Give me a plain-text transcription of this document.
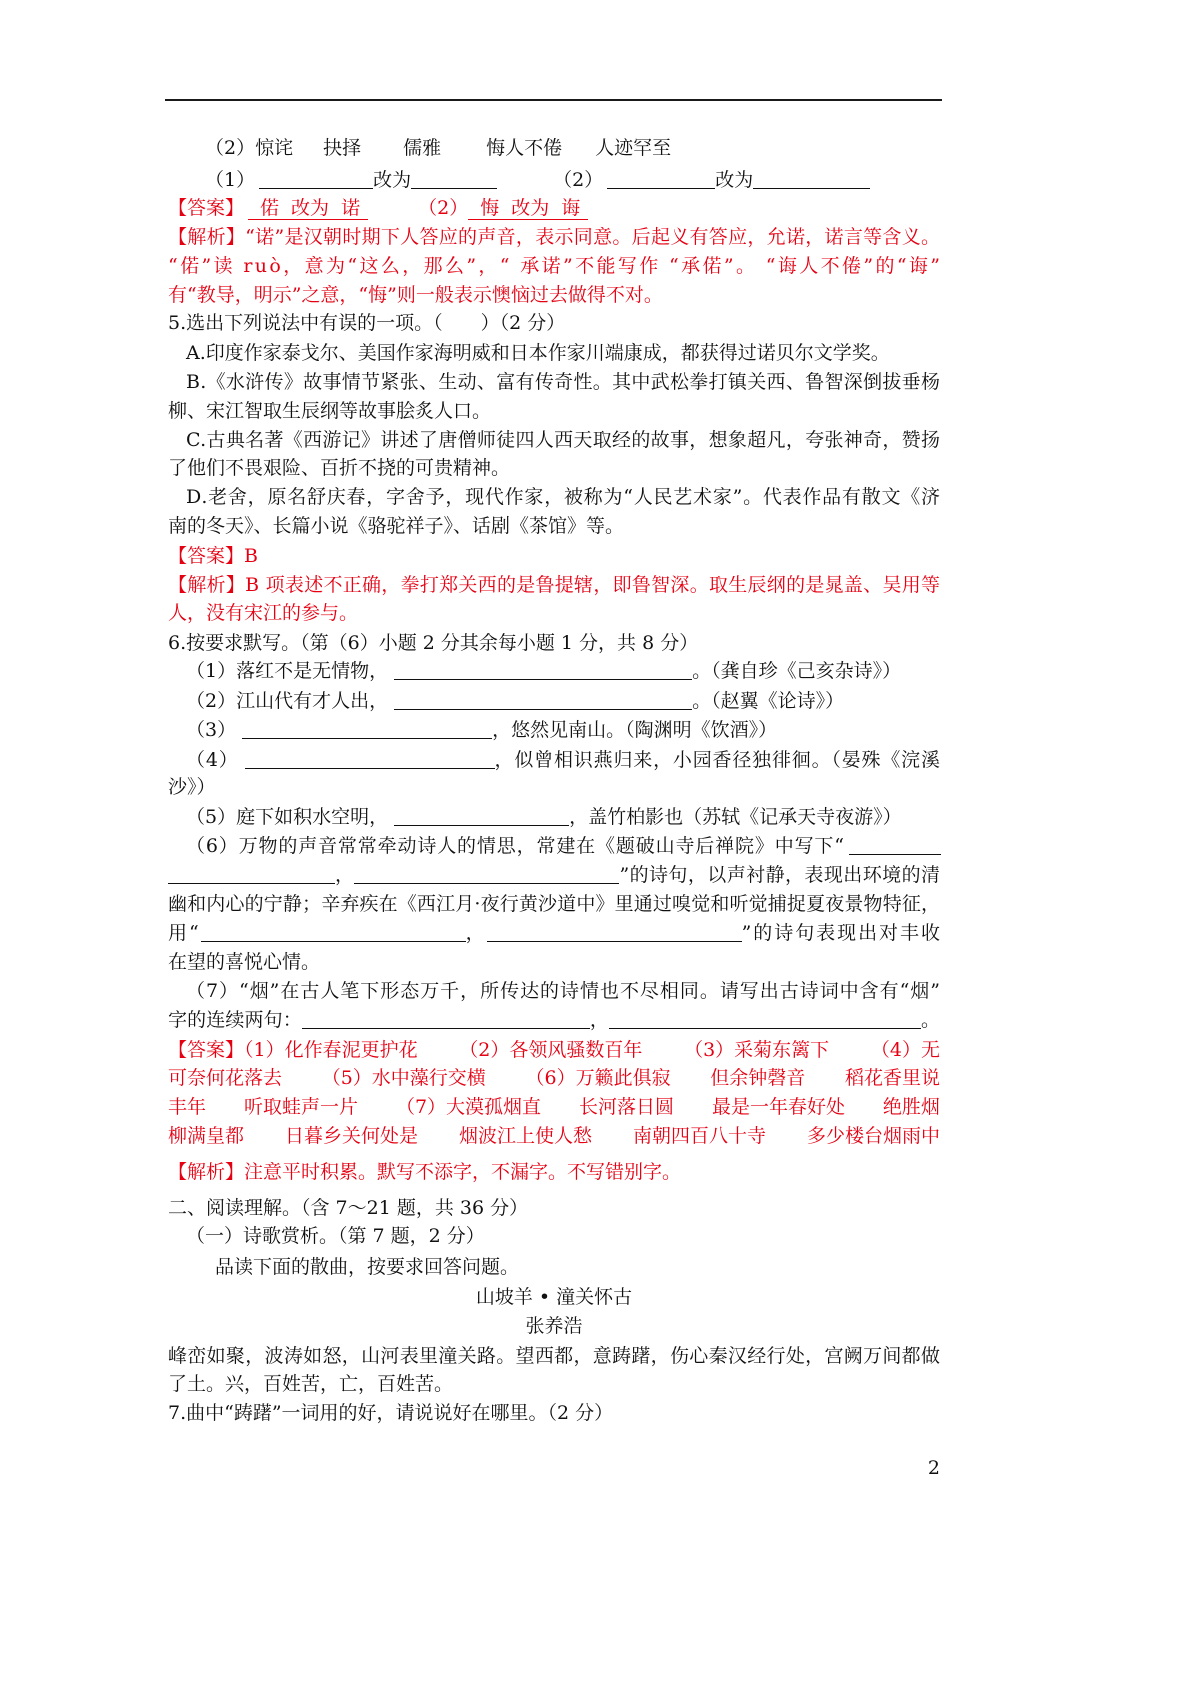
（2）惊诧 抉择 儒雅 悔人不倦 人迹罕至
（1）	改为	（2）	改为
【答案】 偌 改为 诺	（2） 悔 改为 诲
【解析】“诺”是汉朝时期下人答应的声音，表示同意。后起义有答应，允诺，诺言等含义。
“偌”读 ruò，意为“这么，那么”，“ 承诺”不能写作 “承偌”。 “诲人不倦”的“诲”
有“教导，明示”之意，“悔”则一般表示懊恼过去做得不对。
5.选出下列说法中有误的一项。（　　）（2 分）
A.印度作家泰戈尔、美国作家海明威和日本作家川端康成，都获得过诺贝尔文学奖。
B.《水浒传》故事情节紧张、生动、富有传奇性。其中武松拳打镇关西、鲁智深倒拔垂杨
柳、宋江智取生辰纲等故事脍炙人口。
C.古典名著《西游记》讲述了唐僧师徒四人西天取经的故事，想象超凡，夸张神奇，赞扬
了他们不畏艰险、百折不挠的可贵精神。
D.老舍，原名舒庆春，字舍予，现代作家，被称为“人民艺术家”。代表作品有散文《济
南的冬天》、长篇小说《骆驼祥子》、话剧《茶馆》等。
【答案】B
【解析】B 项表述不正确，拳打郑关西的是鲁提辖，即鲁智深。取生辰纲的是晁盖、吴用等
人，没有宋江的参与。
6.按要求默写。（第（6）小题 2 分其余每小题 1 分，共 8 分）
（1）落红不是无情物，	。（龚自珍《己亥杂诗》）
（2）江山代有才人出，	。（赵翼《论诗》）
（3）	，悠然见南山。（陶渊明《饮酒》）
（4）	，似曾相识燕归来，小园香径独徘徊。（晏殊《浣溪
沙》）
（5）庭下如积水空明，	，盖竹柏影也（苏轼《记承天寺夜游》）
（6）万物的声音常常牵动诗人的情思，常建在《题破山寺后禅院》中写下“
，	”的诗句，以声衬静，表现出环境的清
幽和内心的宁静；辛弃疾在《西江月·夜行黄沙道中》里通过嗅觉和听觉捕捉夏夜景物特征，
用“	，	”的诗句表现出对丰收
在望的喜悦心情。
（7）“烟”在古人笔下形态万千，所传达的诗情也不尽相同。请写出古诗词中含有“烟”
字的连续两句：	，	。
【答案】（1）化作春泥更护花 （2）各领风骚数百年 （3）采菊东篱下 （4）无
可奈何花落去 （5）水中藻行交横 （6）万籁此俱寂 但余钟磬音 稻花香里说
丰年 听取蛙声一片 （7）大漠孤烟直 长河落日圆 最是一年春好处 绝胜烟
柳满皇都 日暮乡关何处是 烟波江上使人愁 南朝四百八十寺 多少楼台烟雨中
【解析】注意平时积累。默写不添字，不漏字。不写错别字。
二、阅读理解。（含 7～21 题，共 36 分）
（一）诗歌赏析。（第 7 题，2 分）
品读下面的散曲，按要求回答问题。
山坡羊 • 潼关怀古
张养浩
峰峦如聚，波涛如怒，山河表里潼关路。望西都，意踌躇，伤心秦汉经行处，宫阙万间都做
了土。兴，百姓苦，亡，百姓苦。
7.曲中“踌躇”一词用的好，请说说好在哪里。（2 分）
2
